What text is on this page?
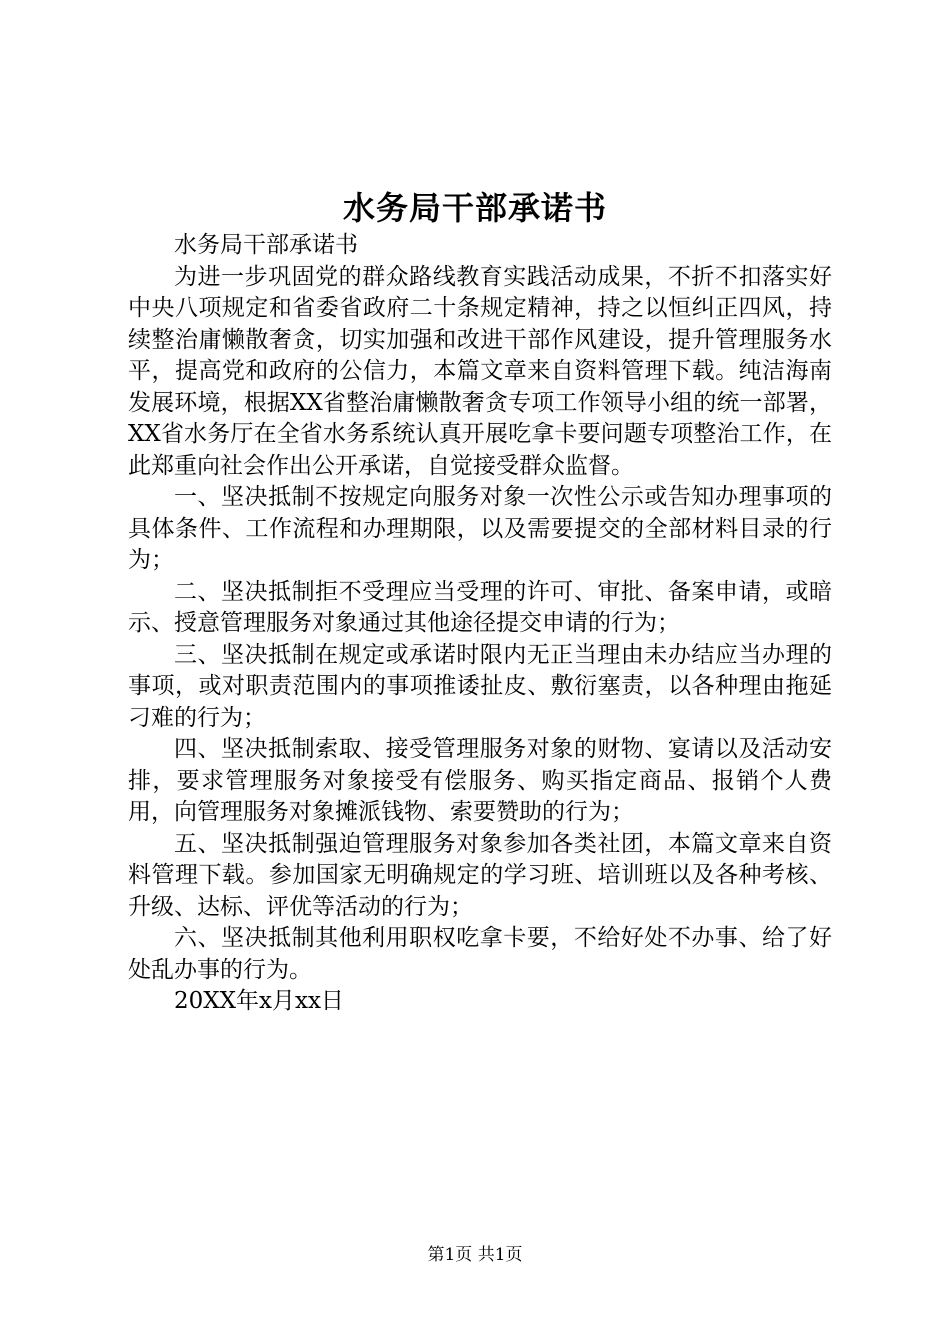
水务局干部承诺书

水务局干部承诺书

为进一步巩固党的群众路线教育实践活动成果，不折不扣落实好中央八项规定和省委省政府二十条规定精神，持之以恒纠正四风，持续整治庸懒散奢贪，切实加强和改进干部作风建设，提升管理服务水平，提高党和政府的公信力，本篇文章来自资料管理下载。纯洁海南发展环境，根据XX省整治庸懒散奢贪专项工作领导小组的统一部署，XX省水务厅在全省水务系统认真开展吃拿卡要问题专项整治工作，在此郑重向社会作出公开承诺，自觉接受群众监督。

一、坚决抵制不按规定向服务对象一次性公示或告知办理事项的具体条件、工作流程和办理期限，以及需要提交的全部材料目录的行为；

二、坚决抵制拒不受理应当受理的许可、审批、备案申请，或暗示、授意管理服务对象通过其他途径提交申请的行为；

三、坚决抵制在规定或承诺时限内无正当理由未办结应当办理的事项，或对职责范围内的事项推诿扯皮、敷衍塞责，以各种理由拖延刁难的行为；

四、坚决抵制索取、接受管理服务对象的财物、宴请以及活动安排，要求管理服务对象接受有偿服务、购买指定商品、报销个人费用，向管理服务对象摊派钱物、索要赞助的行为；

五、坚决抵制强迫管理服务对象参加各类社团，本篇文章来自资料管理下载。参加国家无明确规定的学习班、培训班以及各种考核、升级、达标、评优等活动的行为；

六、坚决抵制其他利用职权吃拿卡要，不给好处不办事、给了好处乱办事的行为。

20XX年x月xx日

第1页 共1页
